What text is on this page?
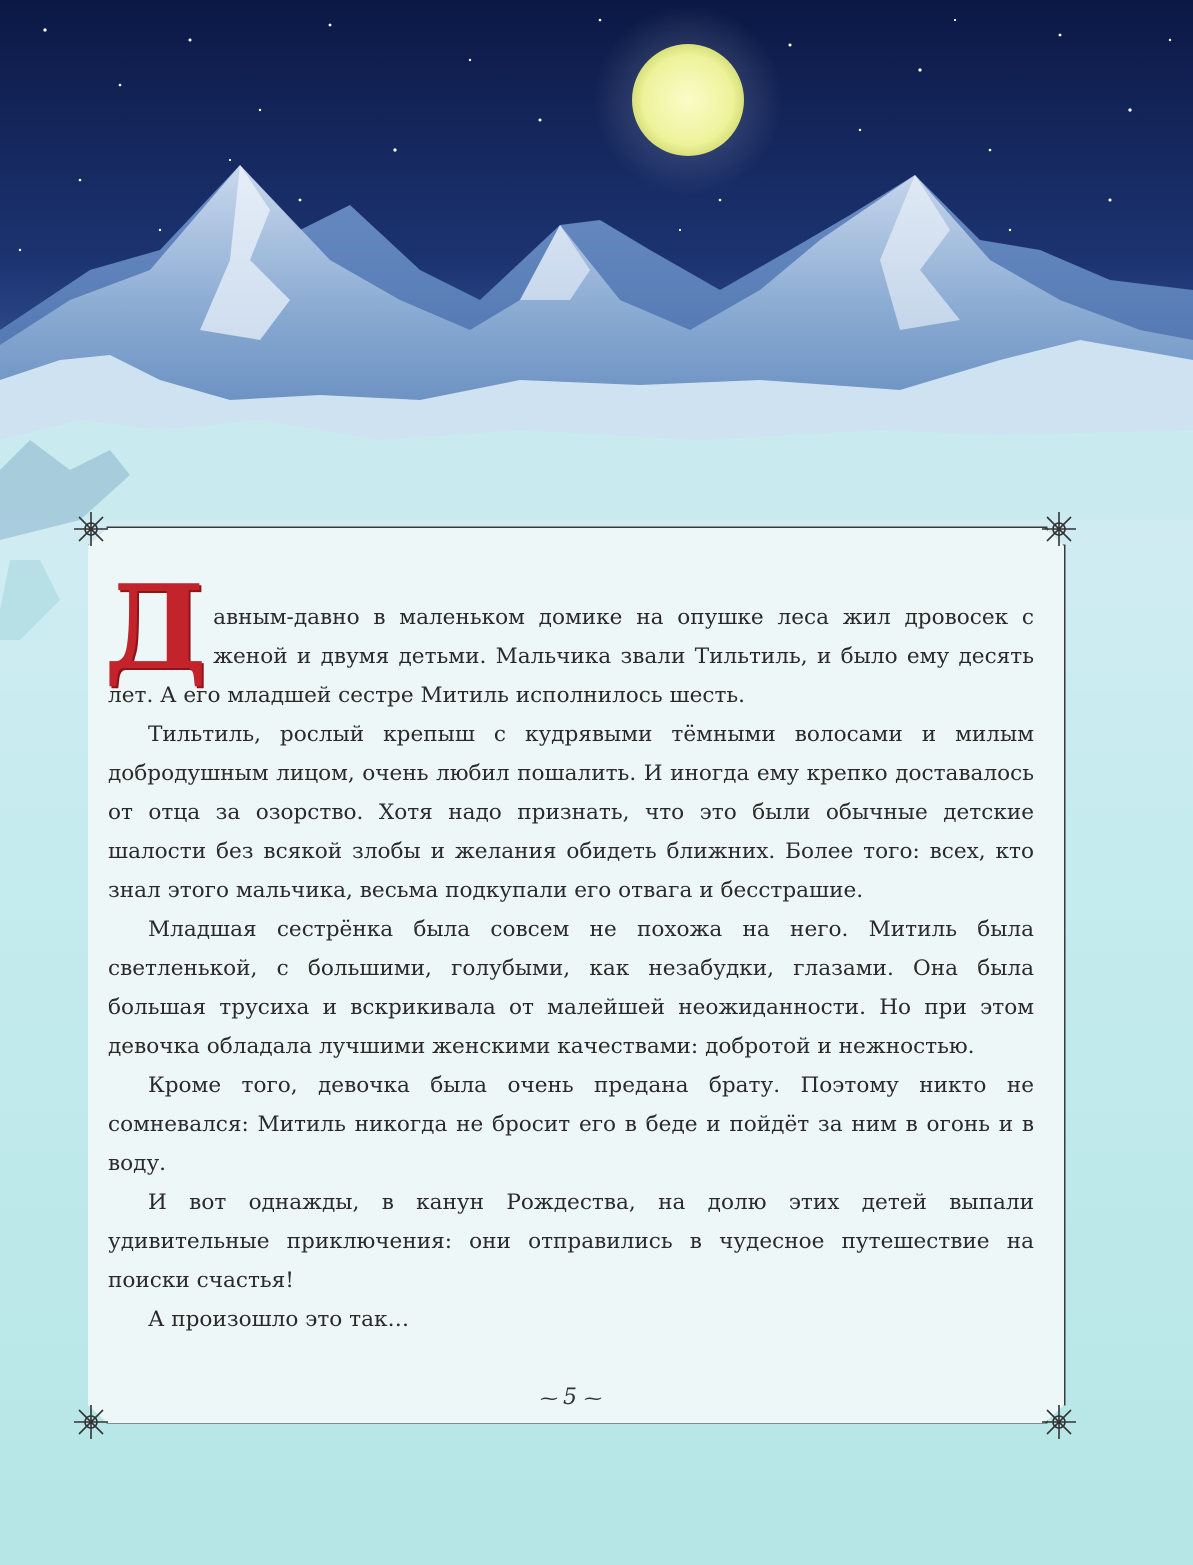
Давным-давно в маленьком домике на опушке леса жил дровосек с женой и двумя детьми. Мальчика звали Тильтиль, и было ему десять лет. А его младшей сестре Митиль исполнилось шесть.

Тильтиль, рослый крепыш с кудрявыми тёмными волосами и милым добродушным лицом, очень любил пошалить. И иногда ему крепко доставалось от отца за озорство. Хотя надо признать, что это были обычные детские шалости без всякой злобы и желания обидеть ближних. Более того: всех, кто знал этого мальчика, весьма подкупали его отвага и бесстрашие.

Младшая сестрёнка была совсем не похожа на него. Митиль была светленькой, с большими, голубыми, как незабудки, глазами. Она была большая трусиха и вскрикивала от малейшей неожиданности. Но при этом девочка обладала лучшими женскими качествами: добротой и нежностью.

Кроме того, девочка была очень предана брату. Поэтому никто не сомневался: Митиль никогда не бросит его в беде и пойдёт за ним в огонь и в воду.

И вот однажды, в канун Рождества, на долю этих детей выпали удивительные приключения: они отправились в чудесное путешествие на поиски счастья!

А произошло это так…

⁓ 5 ⁓
